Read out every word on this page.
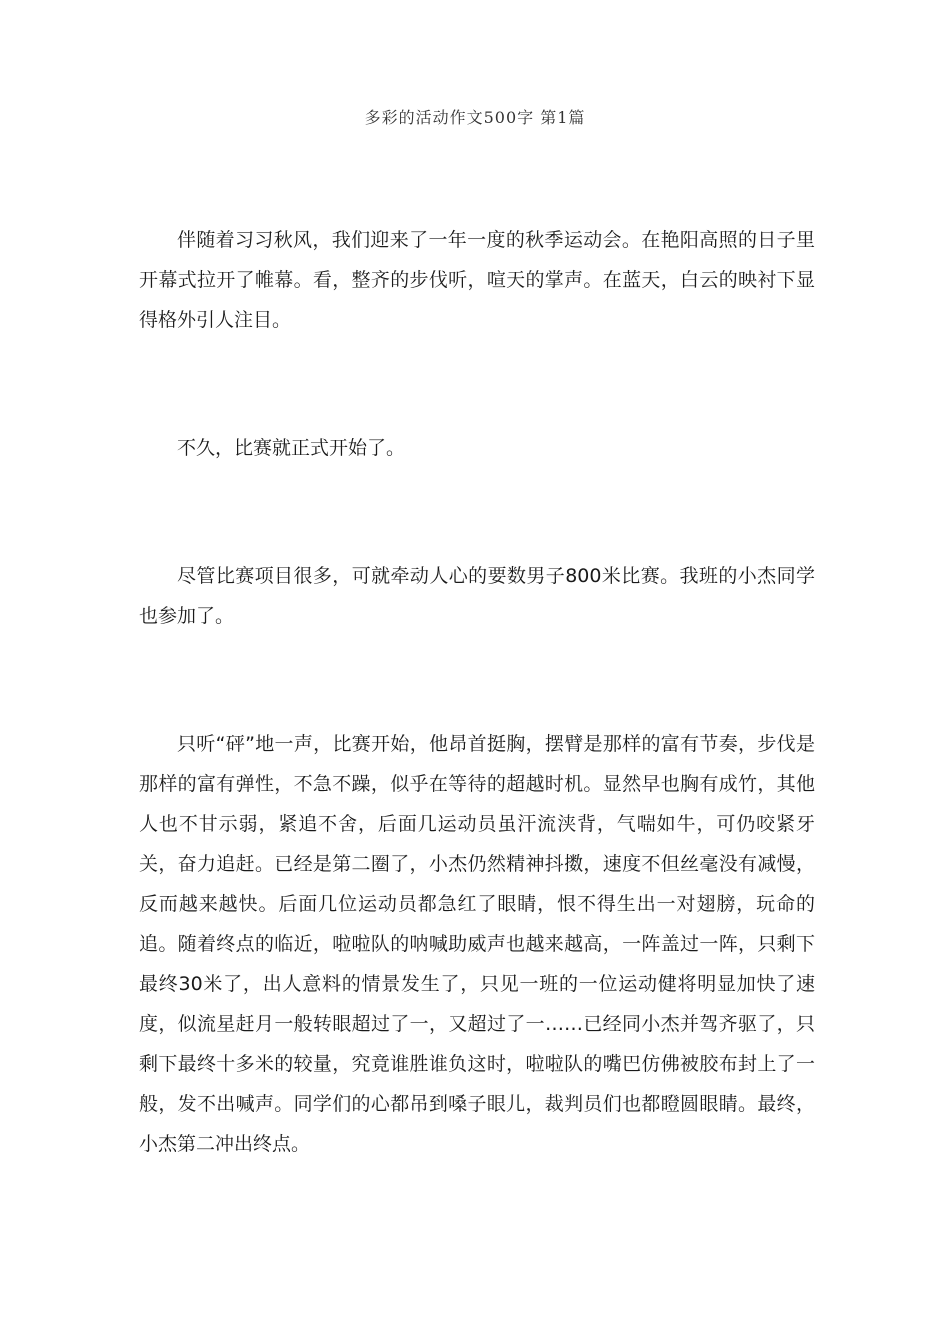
多彩的活动作文500字 第1篇

伴随着习习秋风，我们迎来了一年一度的秋季运动会。在艳阳高照的日子里开幕式拉开了帷幕。看，整齐的步伐听，喧天的掌声。在蓝天，白云的映衬下显得格外引人注目。

不久，比赛就正式开始了。

尽管比赛项目很多，可就牵动人心的要数男子800米比赛。我班的小杰同学也参加了。

只听“砰”地一声，比赛开始，他昂首挺胸，摆臂是那样的富有节奏，步伐是那样的富有弹性，不急不躁，似乎在等待的超越时机。显然早也胸有成竹，其他人也不甘示弱，紧追不舍，后面几运动员虽汗流浃背，气喘如牛，可仍咬紧牙关，奋力追赶。已经是第二圈了，小杰仍然精神抖擞，速度不但丝毫没有减慢，反而越来越快。后面几位运动员都急红了眼睛，恨不得生出一对翅膀，玩命的追。随着终点的临近，啦啦队的呐喊助威声也越来越高，一阵盖过一阵，只剩下最终30米了，出人意料的情景发生了，只见一班的一位运动健将明显加快了速度，似流星赶月一般转眼超过了一，又超过了一……已经同小杰并驾齐驱了，只剩下最终十多米的较量，究竟谁胜谁负这时，啦啦队的嘴巴仿佛被胶布封上了一般，发不出喊声。同学们的心都吊到嗓子眼儿，裁判员们也都瞪圆眼睛。最终，小杰第二冲出终点。
